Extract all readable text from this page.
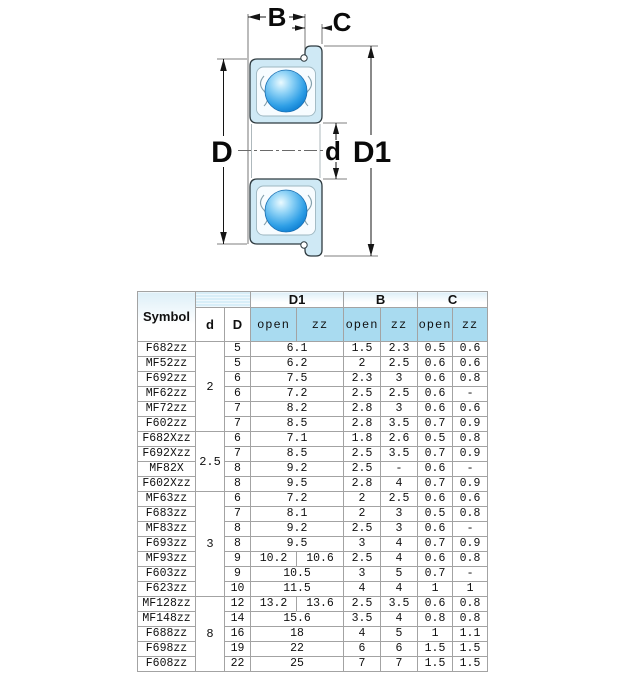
B C
D	D1
d
Symbol			D1		B		C	
	d	D	open	zz	open	zz	open	zz
F682zz	2	5	6.1		1.5	2.3	0.5	0.6
MF52zz		5	6.2		2	2.5	0.6	0.6
F692zz		6	7.5		2.3	3	0.6	0.8
MF62zz		6	7.2		2.5	2.5	0.6	-
MF72zz		7	8.2		2.8	3	0.6	0.6
F602zz		7	8.5		2.8	3.5	0.7	0.9
F682Xzz	2.5	6	7.1		1.8	2.6	0.5	0.8
F692Xzz		7	8.5		2.5	3.5	0.7	0.9
MF82X		8	9.2		2.5	-	0.6	-
F602Xzz		8	9.5		2.8	4	0.7	0.9
MF63zz	3	6	7.2		2	2.5	0.6	0.6
F683zz		7	8.1		2	3	0.5	0.8
MF83zz		8	9.2		2.5	3	0.6	-
F693zz		8	9.5		3	4	0.7	0.9
MF93zz		9	10.2	10.6	2.5	4	0.6	0.8
F603zz		9	10.5		3	5	0.7	-
F623zz		10	11.5		4	4	1	1
MF128zz	8	12	13.2	13.6	2.5	3.5	0.6	0.8
MF148zz		14	15.6		3.5	4	0.8	0.8
F688zz		16	18		4	5	1	1.1
F698zz		19	22		6	6	1.5	1.5
F608zz		22	25		7	7	1.5	1.5
